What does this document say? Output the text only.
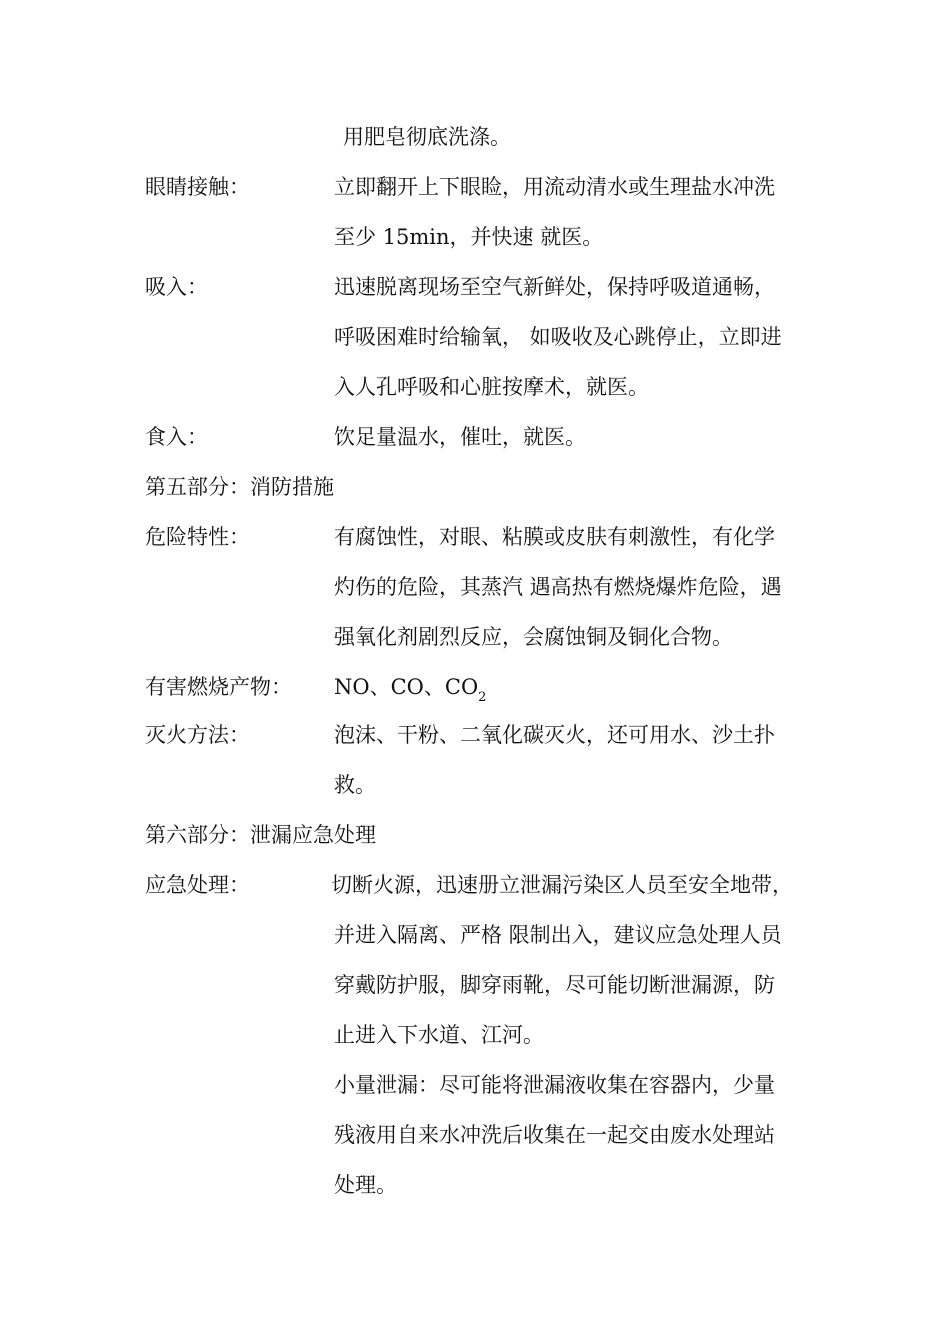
用肥皂彻底洗涤。
眼睛接触：	立即翻开上下眼睑，用流动清水或生理盐水冲洗
至少 15min，并快速 就医。
吸入：	迅速脱离现场至空气新鲜处，保持呼吸道通畅，
呼吸困难时给输氧， 如吸收及心跳停止，立即进
入人孔呼吸和心脏按摩术，就医。
食入：	饮足量温水，催吐，就医。
第五部分：消防措施
危险特性：	有腐蚀性，对眼、粘膜或皮肤有刺激性，有化学
灼伤的危险，其蒸汽 遇高热有燃烧爆炸危险，遇
强氧化剂剧烈反应，会腐蚀铜及铜化合物。
有害燃烧产物： NO、CO、$CO_2$
灭火方法：	泡沫、干粉、二氧化碳灭火，还可用水、沙土扑
救。
第六部分：泄漏应急处理
应急处理：	切断火源，迅速册立泄漏污染区人员至安全地带，
并进入隔离、严格 限制出入，建议应急处理人员
穿戴防护服，脚穿雨靴，尽可能切断泄漏源，防
止进入下水道、江河。
小量泄漏：尽可能将泄漏液收集在容器内，少量
残液用自来水冲洗后收集在一起交由废水处理站
处理。
